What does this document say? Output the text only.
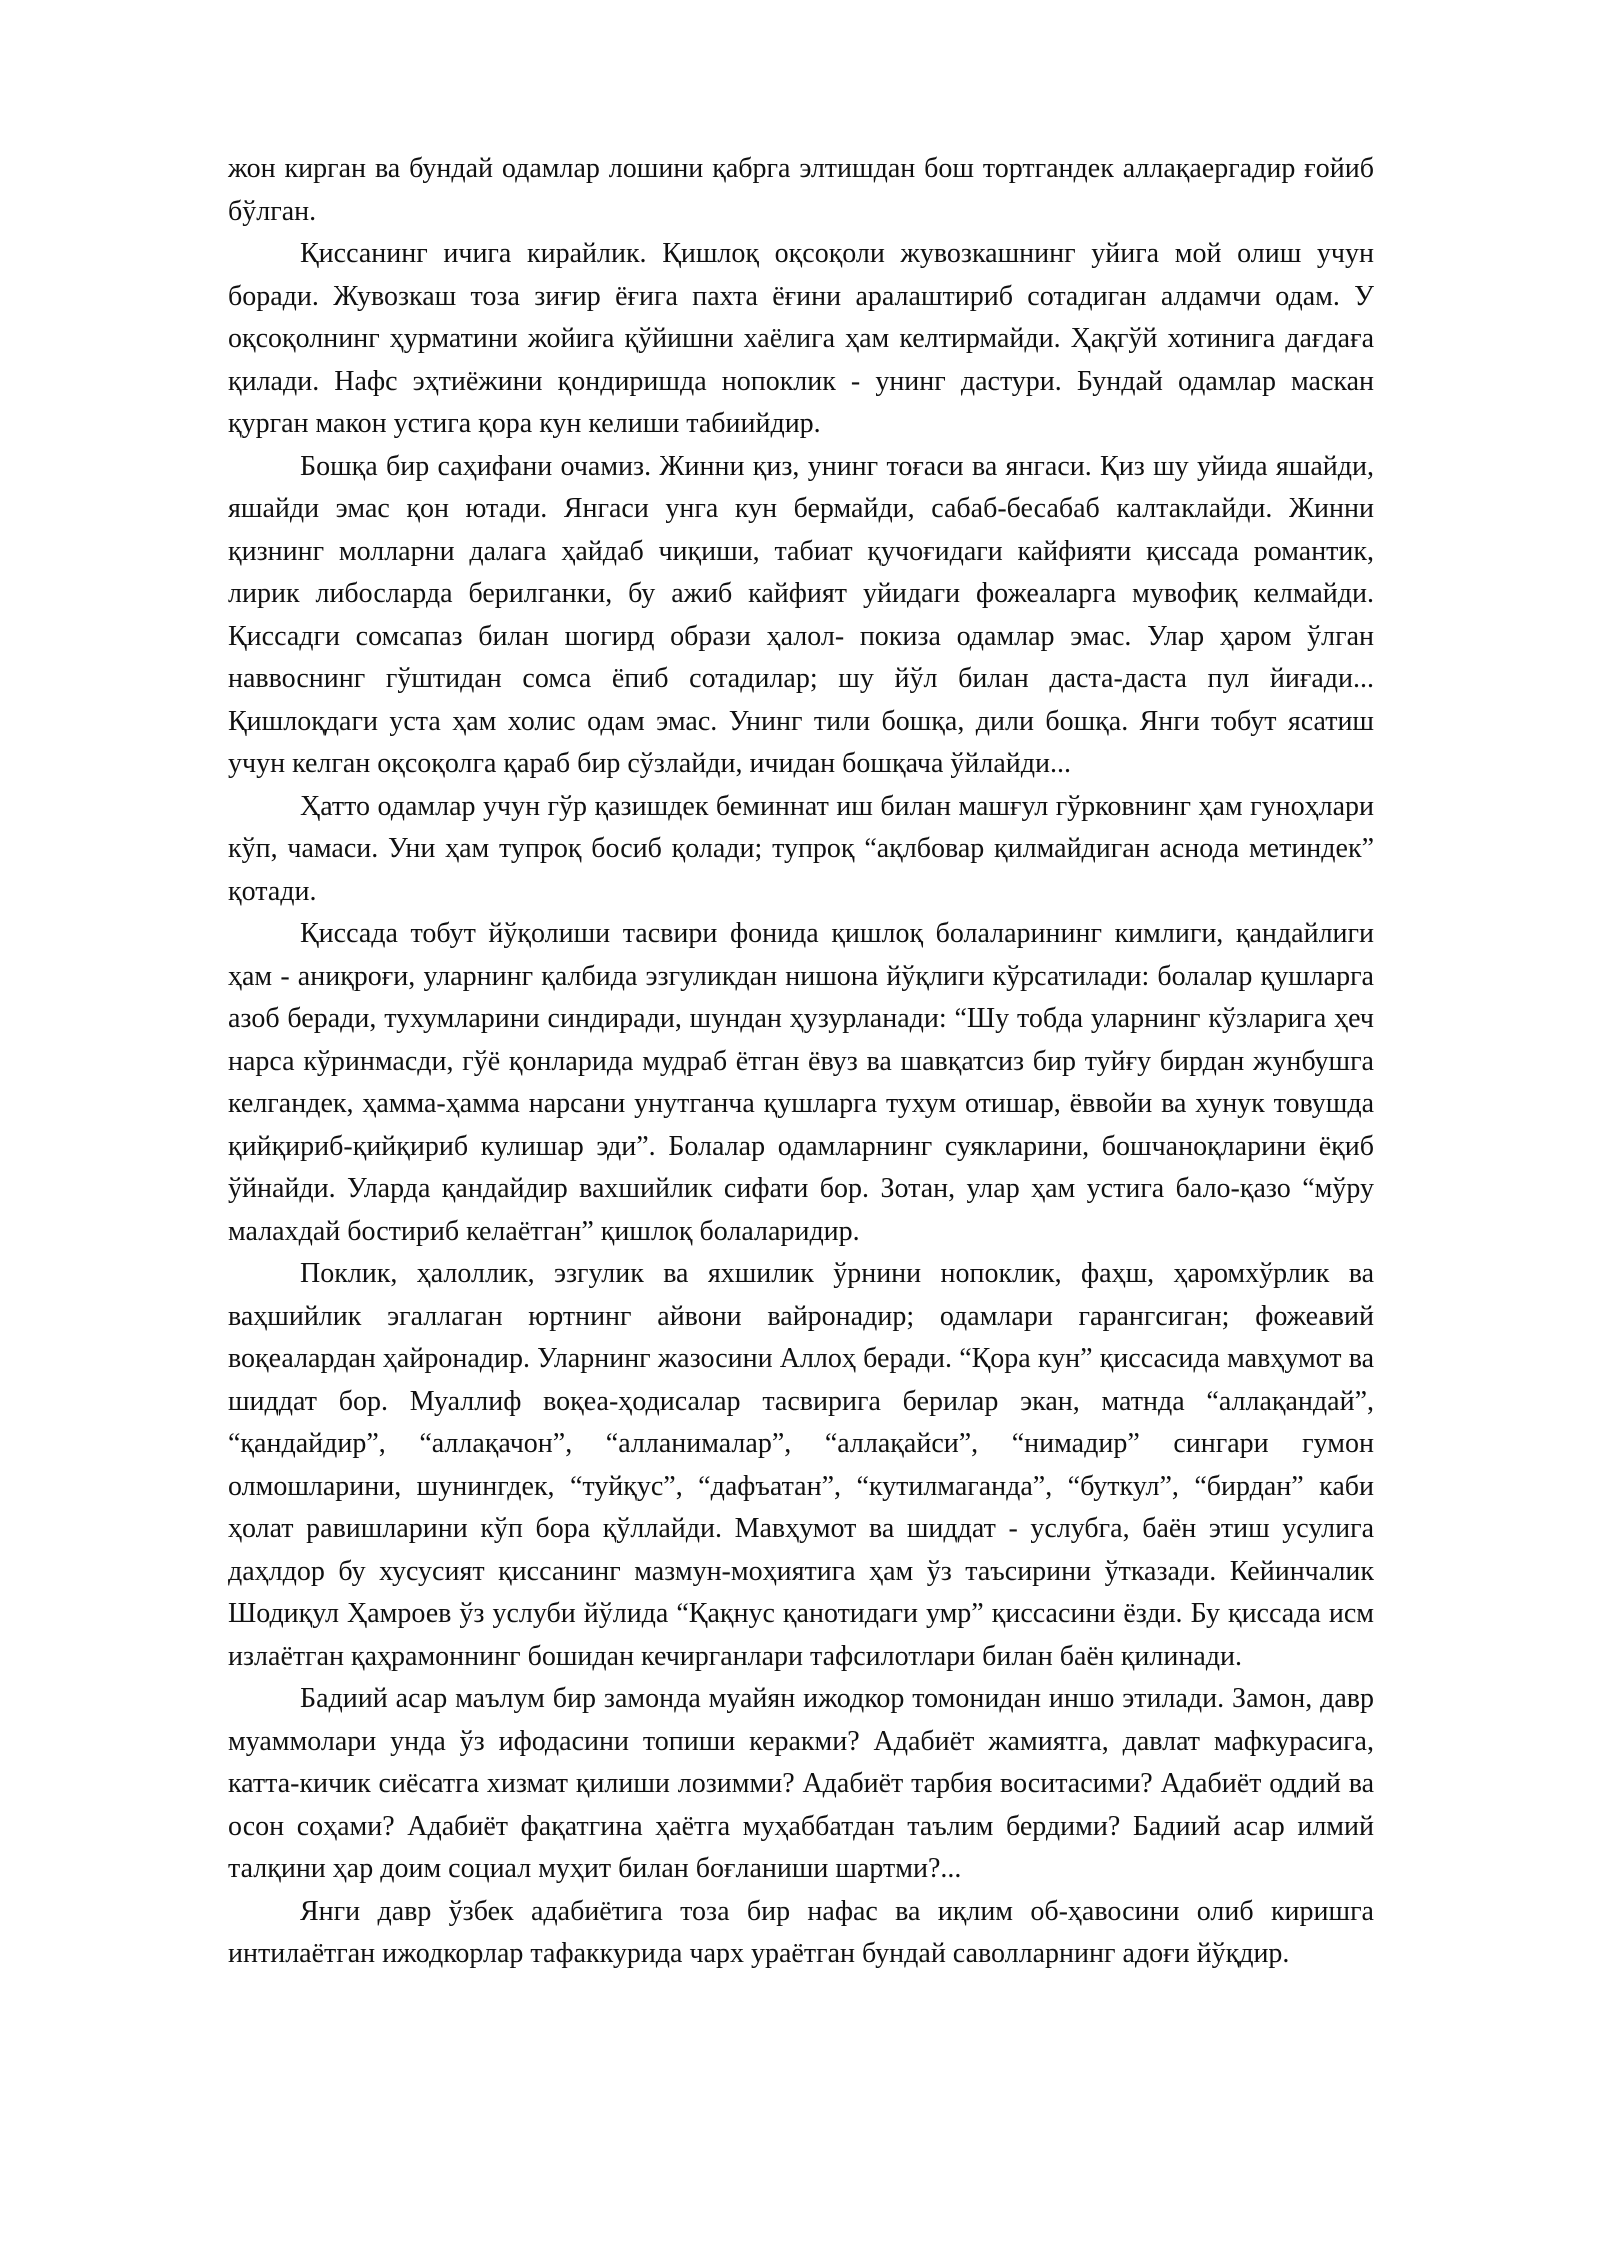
жон кирган ва бундай одамлар лошини қабрга элтишдан бош тортгандек аллақаергадир ғойиб бўлган.

Қиссанинг ичига кирайлик. Қишлоқ оқсоқоли жувозкашнинг уйига мой олиш учун боради. Жувозкаш тоза зиғир ёғига пахта ёғини аралаштириб сотадиган алдамчи одам. У оқсоқолнинг ҳурматини жойига қўйишни хаёлига ҳам келтирмайди. Ҳақгўй хотинига дағдаға қилади. Нафс эҳтиёжини қондиришда нопоклик - унинг дастури. Бундай одамлар маскан қурган макон устига қора кун келиши табиийдир.

Бошқа бир саҳифани очамиз. Жинни қиз, унинг тоғаси ва янгаси. Қиз шу уйида яшайди, яшайди эмас қон ютади. Янгаси унга кун бермайди, сабаб-бесабаб калтаклайди. Жинни қизнинг молларни далага ҳайдаб чиқиши, табиат қучоғидаги кайфияти қиссада романтик, лирик либосларда берилганки, бу ажиб кайфият уйидаги фожеаларга мувофиқ келмайди. Қиссадги сомсапаз билан шогирд образи ҳалол- покиза одамлар эмас. Улар ҳаром ўлган наввоснинг гўштидан сомса ёпиб сотадилар; шу йўл билан даста-даста пул йиғади... Қишлоқдаги уста ҳам холис одам эмас. Унинг тили бошқа, дили бошқа. Янги тобут ясатиш учун келган оқсоқолга қараб бир сўзлайди, ичидан бошқача ўйлайди...

Ҳатто одамлар учун гўр қазишдек беминнат иш билан машғул гўрковнинг ҳам гуноҳлари кўп, чамаси. Уни ҳам тупроқ босиб қолади; тупроқ “ақлбовар қилмайдиган аснода метиндек” қотади.

Қиссада тобут йўқолиши тасвири фонида қишлоқ болаларининг кимлиги, қандайлиги ҳам - аниқроғи, уларнинг қалбида эзгуликдан нишона йўқлиги кўрсатилади: болалар қушларга азоб беради, тухумларини синдиради, шундан ҳузурланади: “Шу тобда уларнинг кўзларига ҳеч нарса кўринмасди, гўё қонларида мудраб ётган ёвуз ва шавқатсиз бир туйғу бирдан жунбушга келгандек, ҳамма-ҳамма нарсани унутганча қушларга тухум отишар, ёввойи ва хунук товушда қийқириб-қийқириб кулишар эди”. Болалар одамларнинг суякларини, бошчаноқларини ёқиб ўйнайди. Уларда қандайдир вахшийлик сифати бор. Зотан, улар ҳам устига бало-қазо “мўру малахдай бостириб келаётган” қишлоқ болаларидир.

Поклик, ҳалоллик, эзгулик ва яхшилик ўрнини нопоклик, фаҳш, ҳаромхўрлик ва ваҳшийлик эгаллаган юртнинг айвони вайронадир; одамлари гарангсиган; фожеавий воқеалардан ҳайронадир. Уларнинг жазосини Аллоҳ беради. “Қора кун” қиссасида мавҳумот ва шиддат бор. Муаллиф воқеа-ҳодисалар тасвирига берилар экан, матнда “аллақандай”, “қандайдир”, “аллақачон”, “алланималар”, “аллақайси”, “нимадир” сингари гумон олмошларини, шунингдек, “туйқус”, “дафъатан”, “кутилмаганда”, “буткул”, “бирдан” каби ҳолат равишларини кўп бора қўллайди. Мавҳумот ва шиддат - услубга, баён этиш усулига даҳлдор бу хусусият қиссанинг мазмун-моҳиятига ҳам ўз таъсирини ўтказади. Кейинчалик Шодиқул Ҳамроев ўз услуби йўлида “Қақнус қанотидаги умр” қиссасини ёзди. Бу қиссада исм излаётган қаҳрамоннинг бошидан кечирганлари тафсилотлари билан баён қилинади.

Бадиий асар маълум бир замонда муайян ижодкор томонидан иншо этилади. Замон, давр муаммолари унда ўз ифодасини топиши керакми? Адабиёт жамиятга, давлат мафкурасига, катта-кичик сиёсатга хизмат қилиши лозимми? Адабиёт тарбия воситасими? Адабиёт оддий ва осон соҳами? Адабиёт фақатгина ҳаётга муҳаббатдан таълим бердими? Бадиий асар илмий талқини ҳар доим социал муҳит билан боғланиши шартми?...

Янги давр ўзбек адабиётига тоза бир нафас ва иқлим об-ҳавосини олиб киришга интилаётган ижодкорлар тафаккурида чарх ураётган бундай саволларнинг адоғи йўқдир.
